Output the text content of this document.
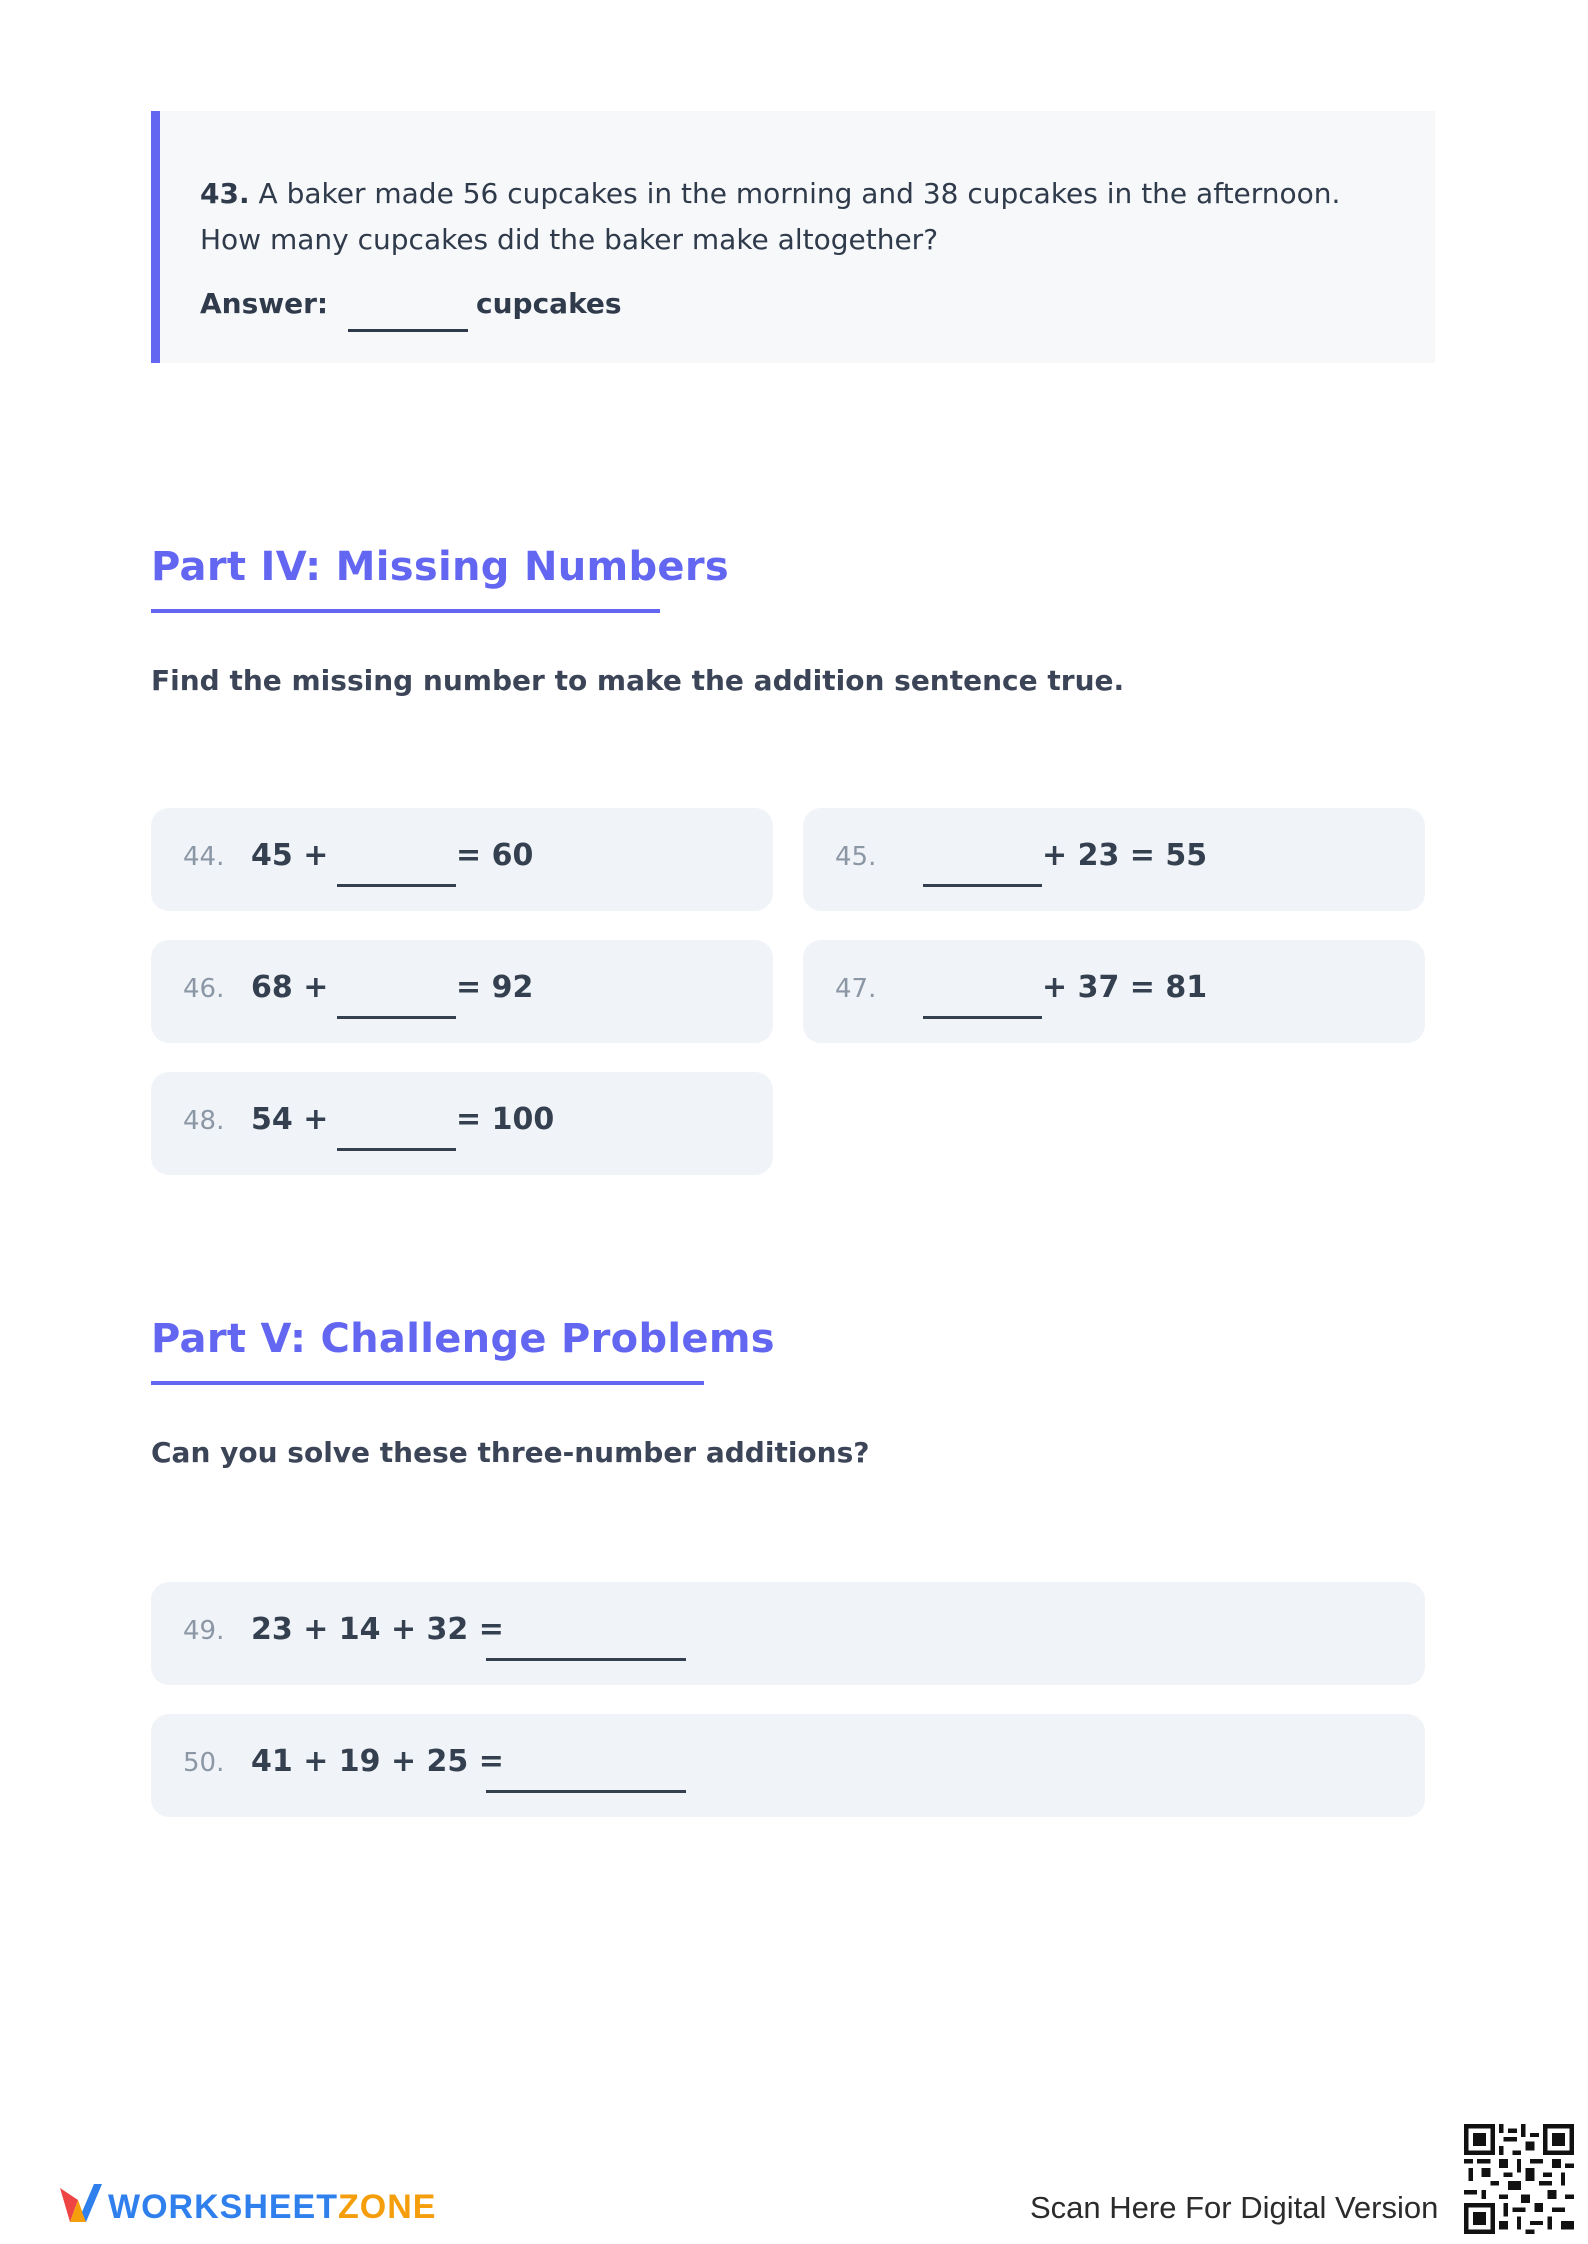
43. A baker made 56 cupcakes in the morning and 38 cupcakes in the afternoon.
How many cupcakes did the baker make altogether?
Answer:	cupcakes
Part IV: Missing Numbers
Find the missing number to make the addition sentence true.
44. 45 +	= 60	45.	+ 23 = 55
46. 68 +	= 92	47.	+ 37 = 81
48. 54 +	= 100
Part V: Challenge Problems
Can you solve these three-number additions?
49. 23 + 14 + 32 =
50. 41 + 19 + 25 =
WORKSHEETZONE	Scan Here For Digital Version
